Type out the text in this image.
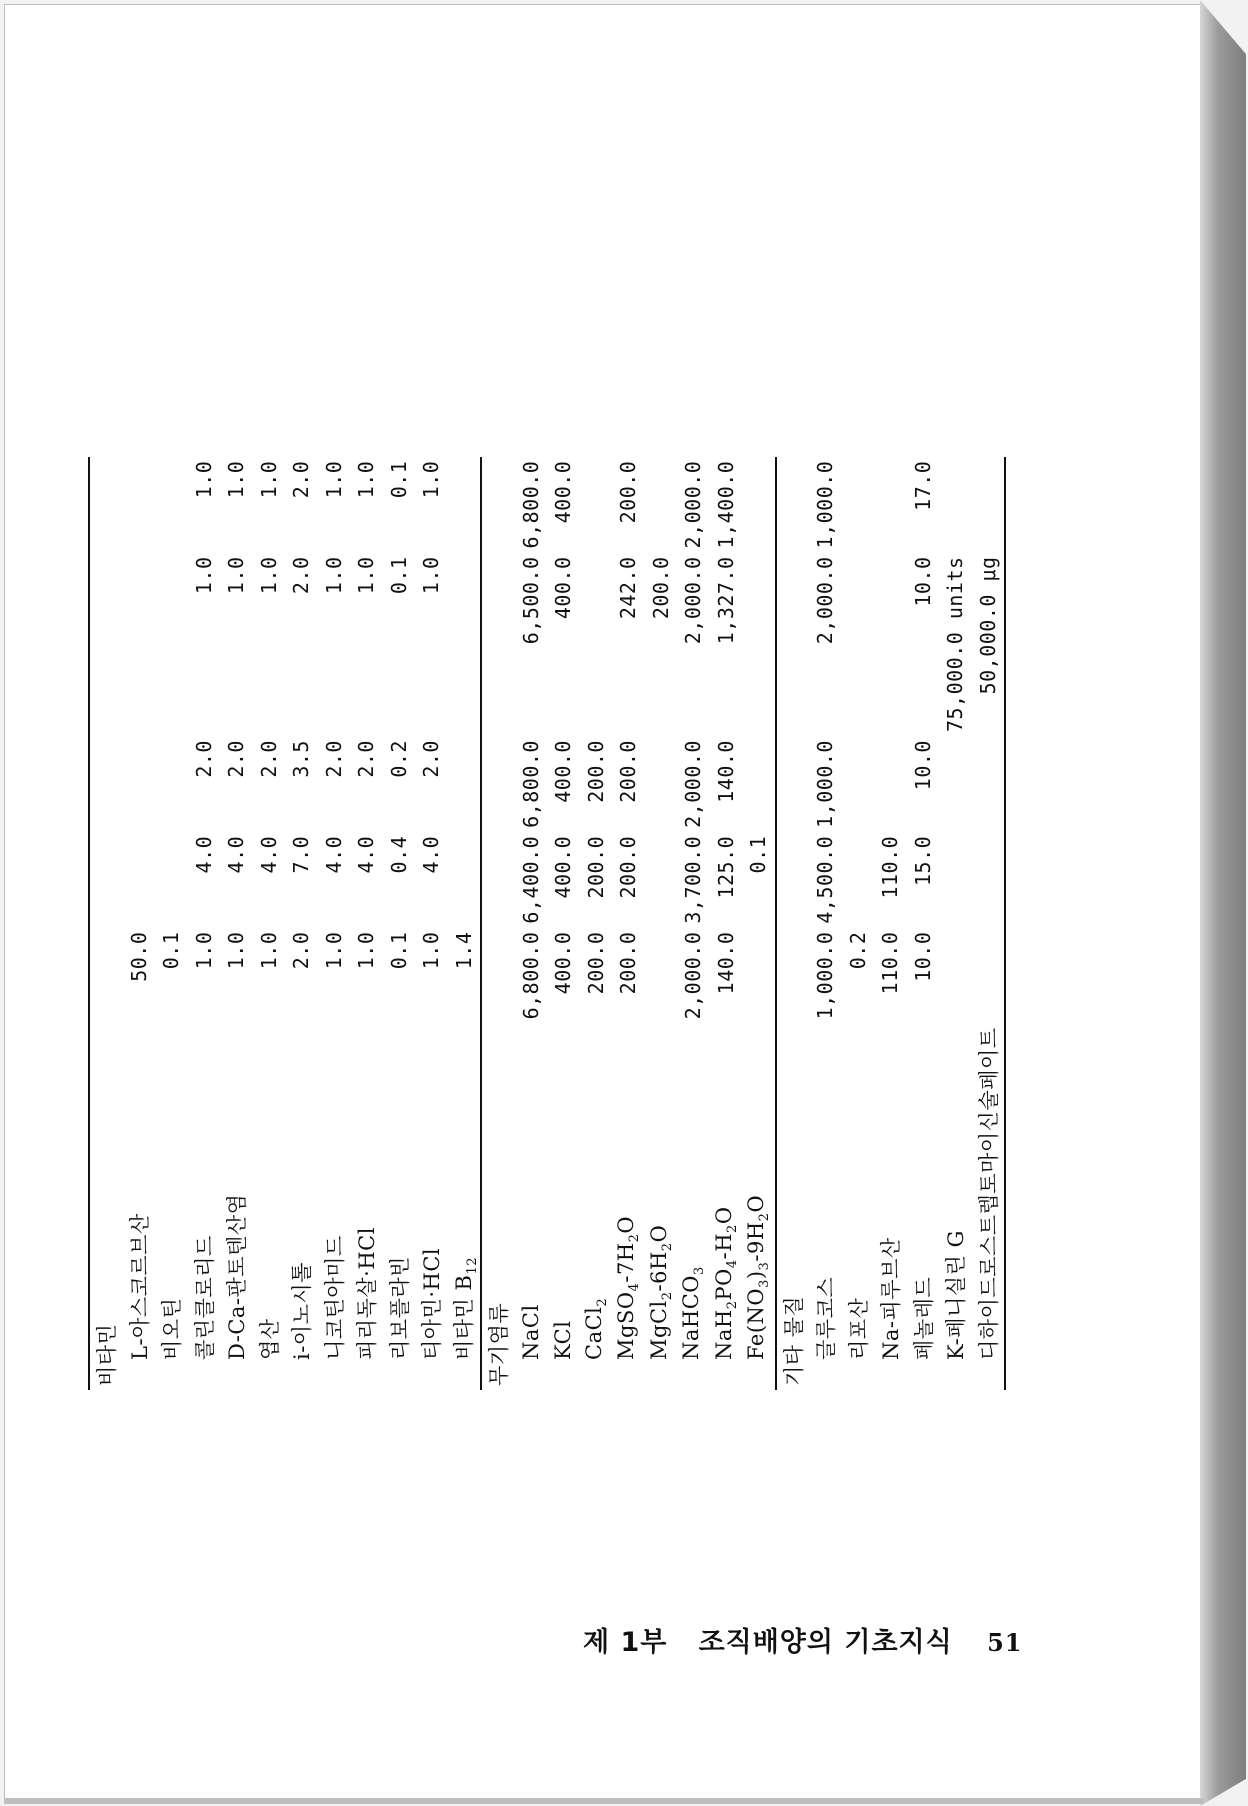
비타민					
L-아스코르브산	50.0				
비오틴	0.1				
콜린클로리드	1.0	4.0	2.0	1.0	1.0
D-Ca-판토텐산염	1.0	4.0	2.0	1.0	1.0
엽산	1.0	4.0	2.0	1.0	1.0
i-이노시톨	2.0	7.0	3.5	2.0	2.0
니코틴아미드	1.0	4.0	2.0	1.0	1.0
피리독살·HCl	1.0	4.0	2.0	1.0	1.0
리보플라빈	0.1	0.4	0.2	0.1	0.1
티아민·HCl	1.0	4.0	2.0	1.0	1.0
비타민 $B_{12}$	1.4				
무기염류					
NaCl	6,800.0	6,400.0	6,800.0	6,500.0	6,800.0
KCl	400.0	400.0	400.0	400.0	400.0
CaCl$_2$	200.0	200.0	200.0		
$MgSO_4-7H_2O$	200.0	200.0	200.0	242.0	200.0
$MgCl_2-6H_2O$				200.0	
NaHCO$_3$	2,000.0	3,700.0	2,000.0	2,000.0	2,000.0
$NaH_2PO_4-H_2O$	140.0	125.0	140.0	1,327.0	1,400.0
$Fe(NO_3)_3-9H_2O$		0.1			
기타 물질					
글루코스	1,000.0	4,500.0	1,000.0	2,000.0	1,000.0
리포산	0.2				
Na-피루브산	110.0	110.0			
페놀레드	10.0	15.0	10.0	10.0	17.0
K-페니실린 G				75,000.0 units	
디하이드로스트렙토마이신술페이트				50,000.0 μg	
제 1부 조직배양의 기초지식 51
